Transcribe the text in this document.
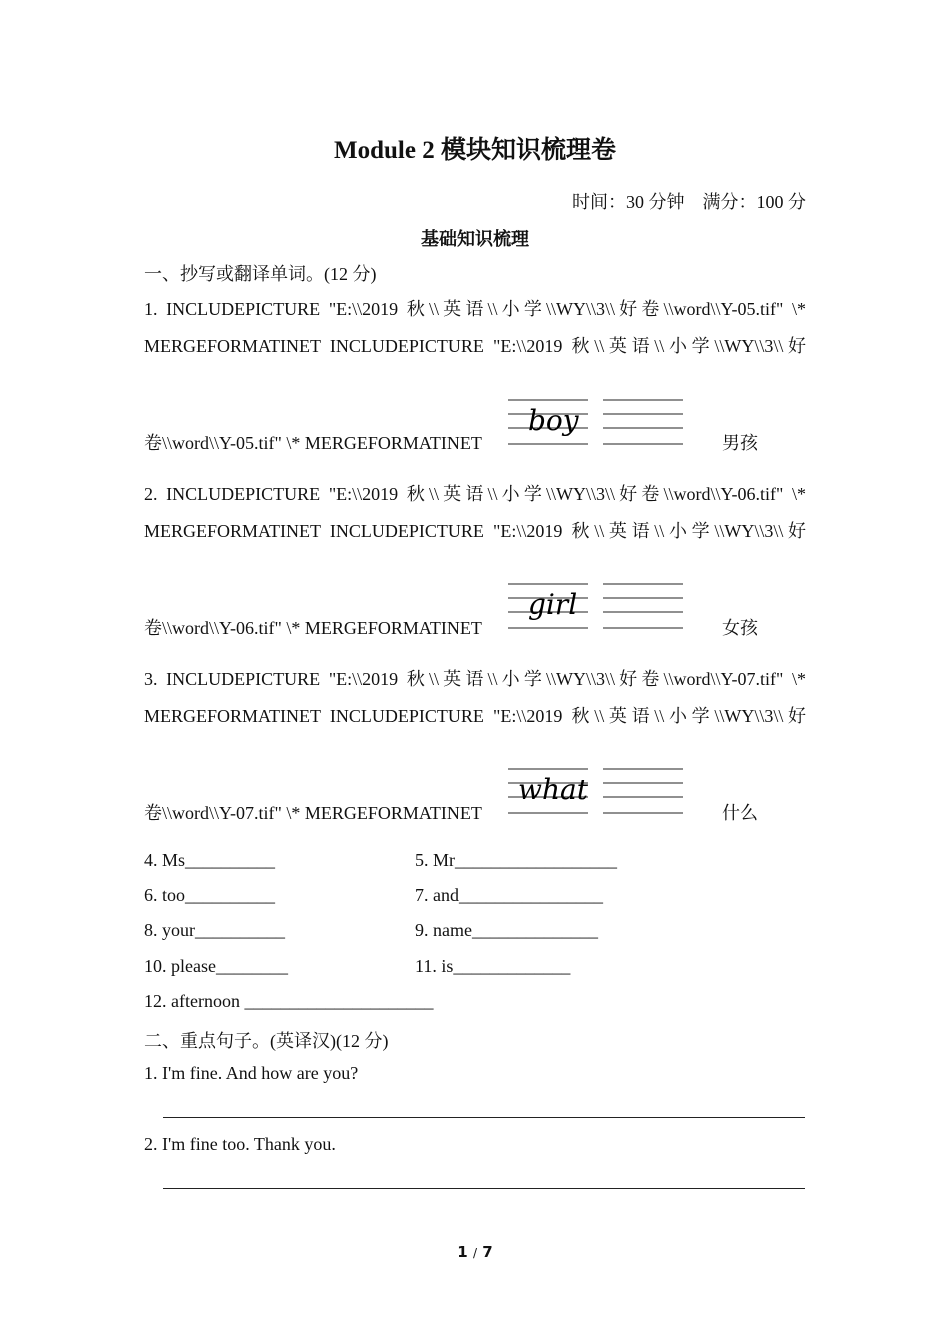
Module 2 模块知识梳理卷
时间：30 分钟　满分：100 分
基础知识梳理
一、抄写或翻译单词。(12 分)
1. INCLUDEPICTURE "E:\\2019 秋\\英语\\小学\\WY\\3\\好卷\\word\\Y-05.tif" \*
MERGEFORMATINET INCLUDEPICTURE "E:\\2019 秋\\英语\\小学\\WY\\3\\好
卷\\word\\Y-05.tif" \* MERGEFORMATINET
boy
男孩
2. INCLUDEPICTURE "E:\\2019 秋\\英语\\小学\\WY\\3\\好卷\\word\\Y-06.tif" \*
MERGEFORMATINET INCLUDEPICTURE "E:\\2019 秋\\英语\\小学\\WY\\3\\好
卷\\word\\Y-06.tif" \* MERGEFORMATINET
girl
女孩
3. INCLUDEPICTURE "E:\\2019 秋\\英语\\小学\\WY\\3\\好卷\\word\\Y-07.tif" \*
MERGEFORMATINET INCLUDEPICTURE "E:\\2019 秋\\英语\\小学\\WY\\3\\好
卷\\word\\Y-07.tif" \* MERGEFORMATINET
what
什么
4. Ms__________	5. Mr__________________
6. too__________	7. and________________
8. your__________	9. name______________
10. please________	11. is_____________
12. afternoon _____________________
二、重点句子。(英译汉)(12 分)
1. I'm fine. And how are you?
2. I'm fine too. Thank you.
1 / 7
